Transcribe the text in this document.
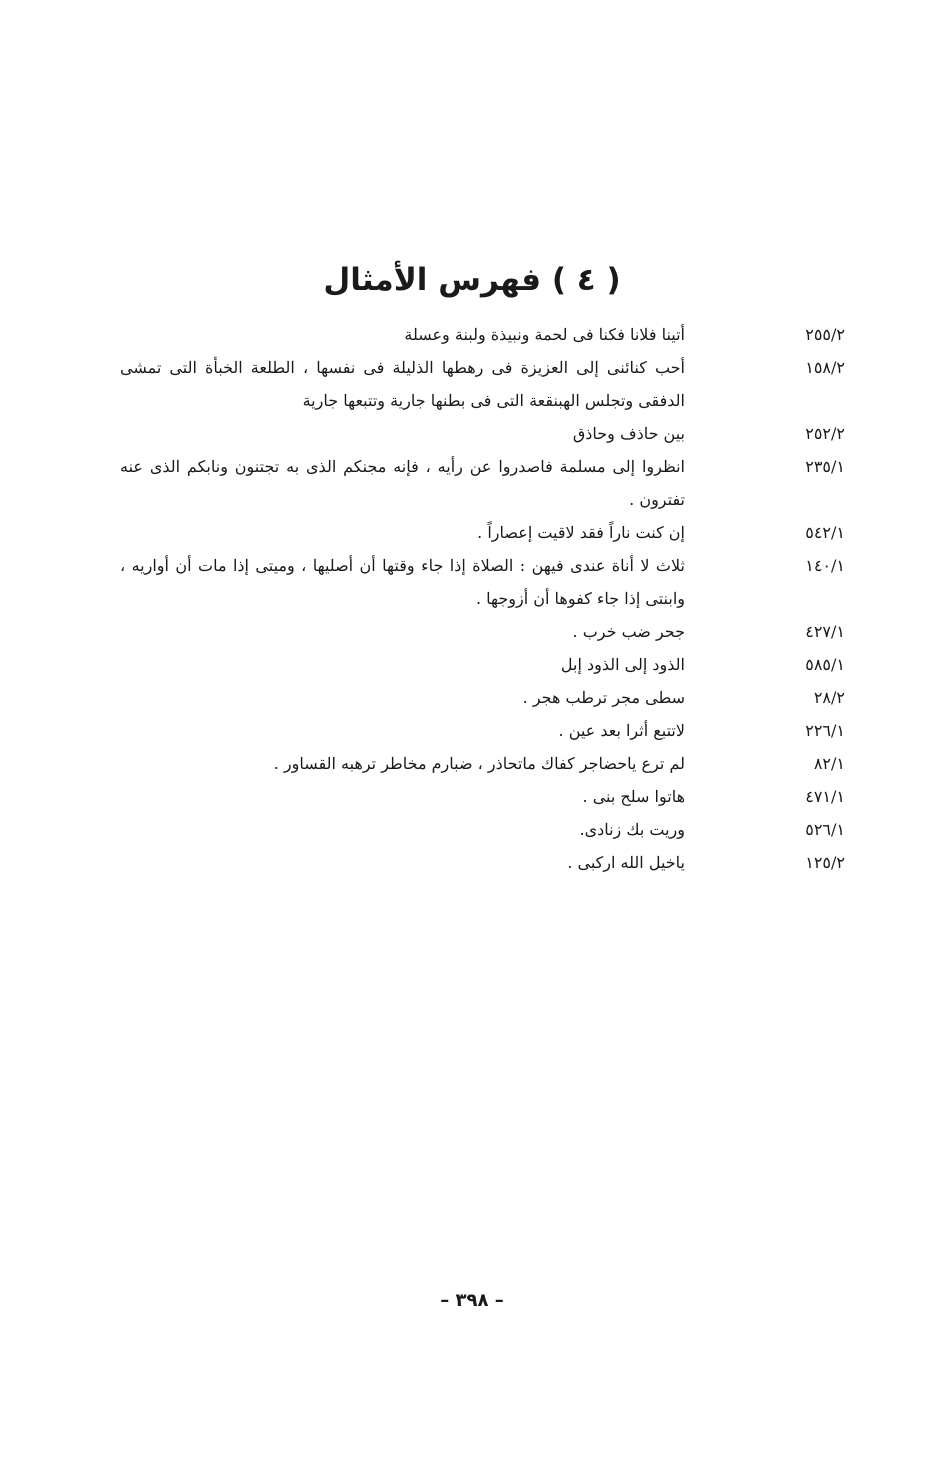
( ٤ ) فهرس الأمثال
٢٥٥/٢
أتينا فلانا فكنا فى لحمة ونبيذة ولبنة وعسلة
١٥٨/٢
أحب كنائنى إلى العزيزة فى رهطها الذليلة فى نفسها ، الطلعة الخبأة التى تمشى الدفقى وتجلس الهبنقعة التى فى بطنها جارية وتتبعها جارية
٢٥٢/٢
بين حاذف وحاذق
٢٣٥/١
انظروا إلى مسلمة فاصدروا عن رأيه ، فإنه مجنكم الذى به تجتنون ونابكم الذى عنه تفترون .
٥٤٢/١
إن كنت ناراً فقد لاقيت إعصاراً .
١٤٠/١
ثلاث لا أناة عندى فيهن : الصلاة إذا جاء وقتها أن أصليها ، وميتى إذا مات أن أواريه ، وابنتى إذا جاء كفوها أن أزوجها .
٤٢٧/١
جحر ضب خرب .
٥٨٥/١
الذود إلى الذود إبل
٢٨/٢
سطى مجر ترطب هجر .
٢٢٦/١
لاتتبع أثرا بعد عين .
٨٢/١
لم ترع ياحضاجر كفاك ماتحاذر ، ضبارم مخاطر ترهبه القساور .
٤٧١/١
هاتوا سلح بنى .
٥٢٦/١
وريت بك زنادى.
١٢٥/٢
ياخيل الله اركبى .
– ٣٩٨ –
